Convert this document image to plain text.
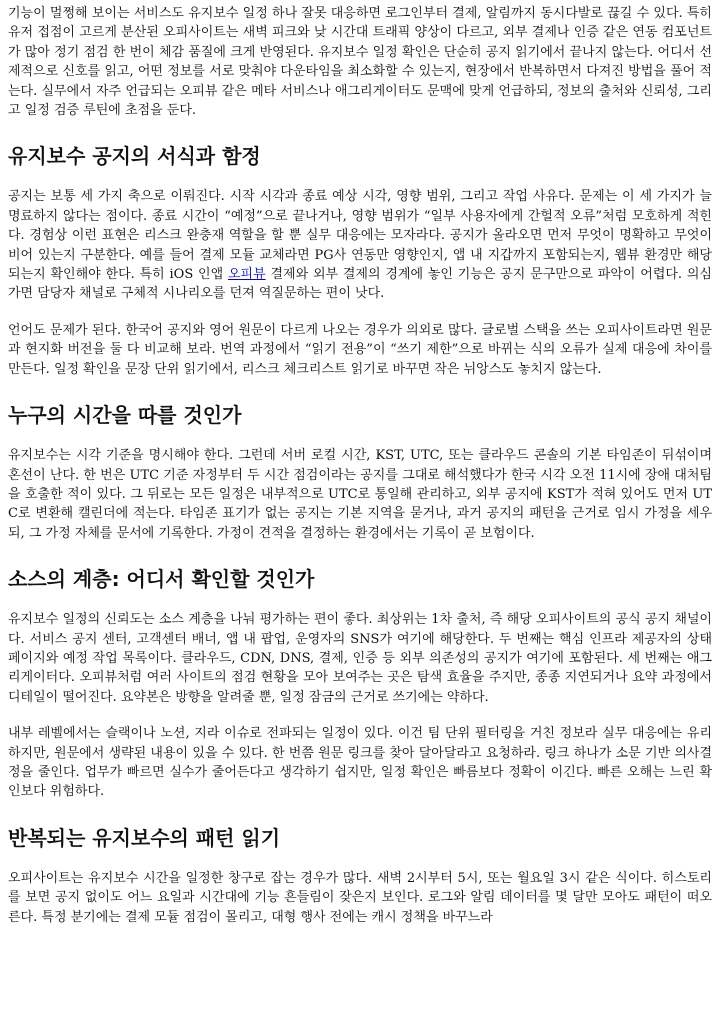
기능이 멀쩡해 보이는 서비스도 유지보수 일정 하나 잘못 대응하면 로그인부터 결제, 알림까지 동시다발로 끊길 수 있다. 특히 유저 접점이 고르게 분산된 오피사이트는 새벽 피크와 낮 시간대 트래픽 양상이 다르고, 외부 결제나 인증 같은 연동 컴포넌트가 많아 정기 점검 한 번이 체감 품질에 크게 반영된다. 유지보수 일정 확인은 단순히 공지 읽기에서 끝나지 않는다. 어디서 선제적으로 신호를 읽고, 어떤 정보를 서로 맞춰야 다운타임을 최소화할 수 있는지, 현장에서 반복하면서 다져진 방법을 풀어 적는다. 실무에서 자주 언급되는 오피뷰 같은 메타 서비스나 애그리게이터도 문맥에 맞게 언급하되, 정보의 출처와 신뢰성, 그리고 일정 검증 루틴에 초점을 둔다.

유지보수 공지의 서식과 함정

공지는 보통 세 가지 축으로 이뤄진다. 시작 시각과 종료 예상 시각, 영향 범위, 그리고 작업 사유다. 문제는 이 세 가지가 늘 명료하지 않다는 점이다. 종료 시간이 “예정”으로 끝나거나, 영향 범위가 “일부 사용자에게 간헐적 오류”처럼 모호하게 적힌다. 경험상 이런 표현은 리스크 완충재 역할을 할 뿐 실무 대응에는 모자라다. 공지가 올라오면 먼저 무엇이 명확하고 무엇이 비어 있는지 구분한다. 예를 들어 결제 모듈 교체라면 PG사 연동만 영향인지, 앱 내 지갑까지 포함되는지, 웹뷰 환경만 해당되는지 확인해야 한다. 특히 iOS 인앱 오피뷰 결제와 외부 결제의 경계에 놓인 기능은 공지 문구만으로 파악이 어렵다. 의심 가면 담당자 채널로 구체적 시나리오를 던져 역질문하는 편이 낫다.

언어도 문제가 된다. 한국어 공지와 영어 원문이 다르게 나오는 경우가 의외로 많다. 글로벌 스택을 쓰는 오피사이트라면 원문과 현지화 버전을 둘 다 비교해 보라. 번역 과정에서 “읽기 전용”이 “쓰기 제한”으로 바뀌는 식의 오류가 실제 대응에 차이를 만든다. 일정 확인을 문장 단위 읽기에서, 리스크 체크리스트 읽기로 바꾸면 작은 뉘앙스도 놓치지 않는다.

누구의 시간을 따를 것인가

유지보수는 시각 기준을 명시해야 한다. 그런데 서버 로컬 시간, KST, UTC, 또는 클라우드 콘솔의 기본 타임존이 뒤섞이며 혼선이 난다. 한 번은 UTC 기준 자정부터 두 시간 점검이라는 공지를 그대로 해석했다가 한국 시각 오전 11시에 장애 대처팀을 호출한 적이 있다. 그 뒤로는 모든 일정은 내부적으로 UTC로 통일해 관리하고, 외부 공지에 KST가 적혀 있어도 먼저 UTC로 변환해 캘린더에 적는다. 타임존 표기가 없는 공지는 기본 지역을 묻거나, 과거 공지의 패턴을 근거로 임시 가정을 세우되, 그 가정 자체를 문서에 기록한다. 가정이 견적을 결정하는 환경에서는 기록이 곧 보험이다.

소스의 계층: 어디서 확인할 것인가

유지보수 일정의 신뢰도는 소스 계층을 나눠 평가하는 편이 좋다. 최상위는 1차 출처, 즉 해당 오피사이트의 공식 공지 채널이다. 서비스 공지 센터, 고객센터 배너, 앱 내 팝업, 운영자의 SNS가 여기에 해당한다. 두 번째는 핵심 인프라 제공자의 상태 페이지와 예정 작업 목록이다. 클라우드, CDN, DNS, 결제, 인증 등 외부 의존성의 공지가 여기에 포함된다. 세 번째는 애그리게이터다. 오피뷰처럼 여러 사이트의 점검 현황을 모아 보여주는 곳은 탐색 효율을 주지만, 종종 지연되거나 요약 과정에서 디테일이 떨어진다. 요약본은 방향을 알려줄 뿐, 일정 잠금의 근거로 쓰기에는 약하다.

내부 레벨에서는 슬랙이나 노션, 지라 이슈로 전파되는 일정이 있다. 이건 팀 단위 필터링을 거친 정보라 실무 대응에는 유리하지만, 원문에서 생략된 내용이 있을 수 있다. 한 번쯤 원문 링크를 찾아 달아달라고 요청하라. 링크 하나가 소문 기반 의사결정을 줄인다. 업무가 빠르면 실수가 줄어든다고 생각하기 쉽지만, 일정 확인은 빠름보다 정확이 이긴다. 빠른 오해는 느린 확인보다 위험하다.

반복되는 유지보수의 패턴 읽기

오피사이트는 유지보수 시간을 일정한 창구로 잡는 경우가 많다. 새벽 2시부터 5시, 또는 월요일 3시 같은 식이다. 히스토리를 보면 공지 없이도 어느 요일과 시간대에 기능 흔들림이 잦은지 보인다. 로그와 알림 데이터를 몇 달만 모아도 패턴이 떠오른다. 특정 분기에는 결제 모듈 점검이 몰리고, 대형 행사 전에는 캐시 정책을 바꾸느라
